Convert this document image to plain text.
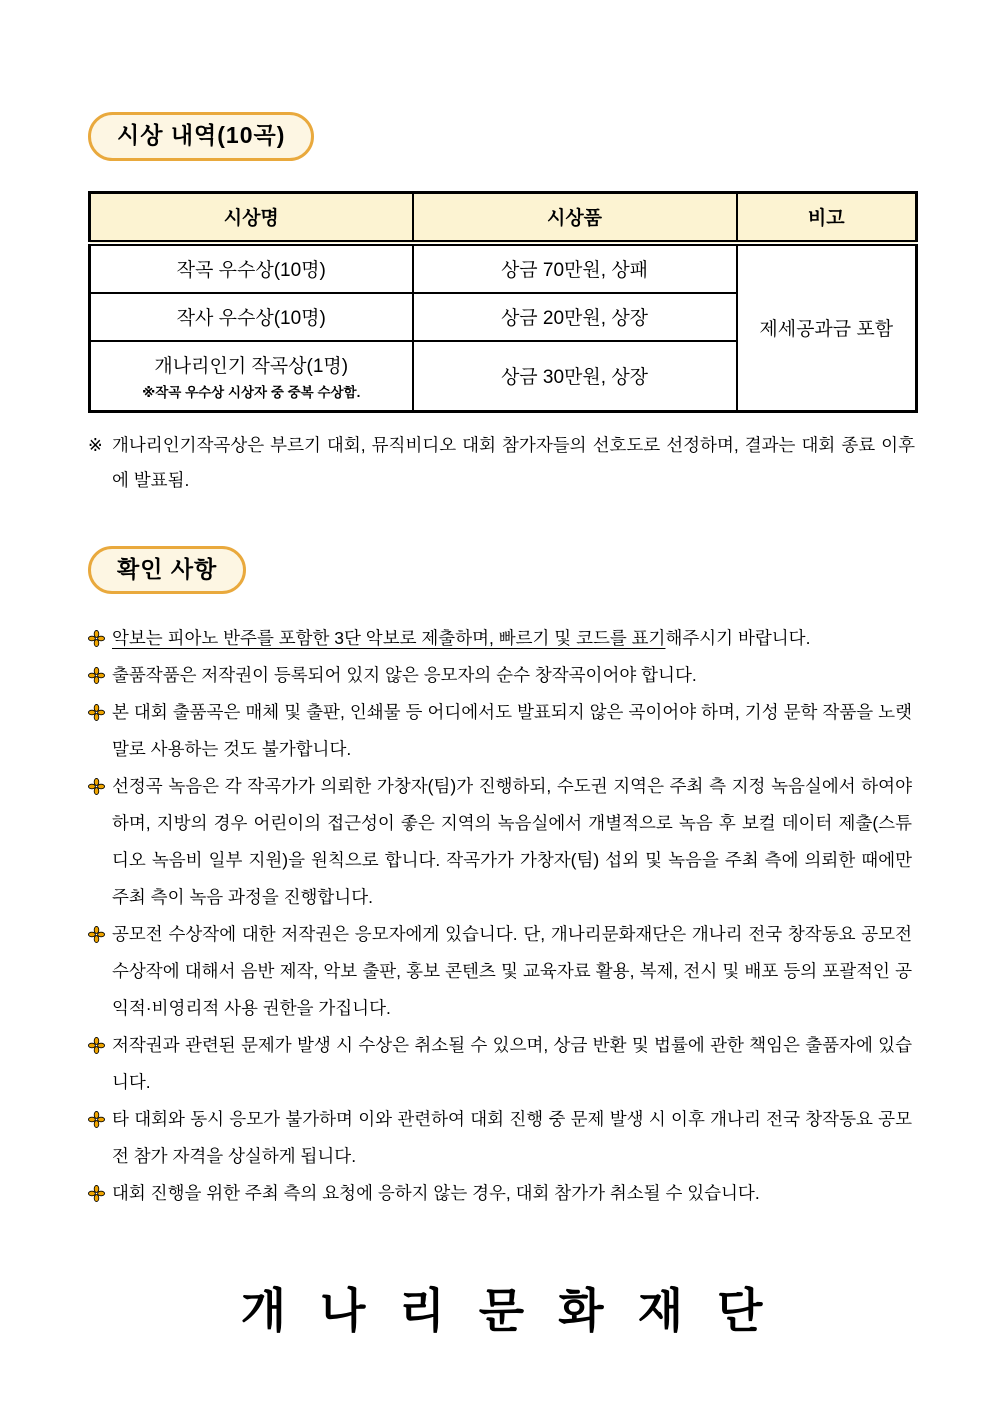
시상 내역(10곡)
시상명	시상품	비고

작곡 우수상(10명)	상금 70만원, 상패	제세공과금 포함

작사 우수상(10명)	상금 20만원, 상장	

개나리인기 작곡상(1명)
※작곡 우수상 시상자 중 중복 수상함.	상금 30만원, 상장	
※ 개나리인기작곡상은 부르기 대회, 뮤직비디오 대회 참가자들의 선호도로 선정하며, 결과는 대회 종료 이후에 발표됨.
확인 사항
악보는 피아노 반주를 포함한 3단 악보로 제출하며, 빠르기 및 코드를 표기해주시기 바랍니다.
출품작품은 저작권이 등록되어 있지 않은 응모자의 순수 창작곡이어야 합니다.
본 대회 출품곡은 매체 및 출판, 인쇄물 등 어디에서도 발표되지 않은 곡이어야 하며, 기성 문학 작품을 노랫말로 사용하는 것도 불가합니다.
선정곡 녹음은 각 작곡가가 의뢰한 가창자(팀)가 진행하되, 수도권 지역은 주최 측 지정 녹음실에서 하여야 하며, 지방의 경우 어린이의 접근성이 좋은 지역의 녹음실에서 개별적으로 녹음 후 보컬 데이터 제출(스튜디오 녹음비 일부 지원)을 원칙으로 합니다. 작곡가가 가창자(팀) 섭외 및 녹음을 주최 측에 의뢰한 때에만 주최 측이 녹음 과정을 진행합니다.
공모전 수상작에 대한 저작권은 응모자에게 있습니다. 단, 개나리문화재단은 개나리 전국 창작동요 공모전 수상작에 대해서 음반 제작, 악보 출판, 홍보 콘텐츠 및 교육자료 활용, 복제, 전시 및 배포 등의 포괄적인 공익적·비영리적 사용 권한을 가집니다.
저작권과 관련된 문제가 발생 시 수상은 취소될 수 있으며, 상금 반환 및 법률에 관한 책임은 출품자에 있습니다.
타 대회와 동시 응모가 불가하며 이와 관련하여 대회 진행 중 문제 발생 시 이후 개나리 전국 창작동요 공모전 참가 자격을 상실하게 됩니다.
대회 진행을 위한 주최 측의 요청에 응하지 않는 경우, 대회 참가가 취소될 수 있습니다.
개나리문화재단
